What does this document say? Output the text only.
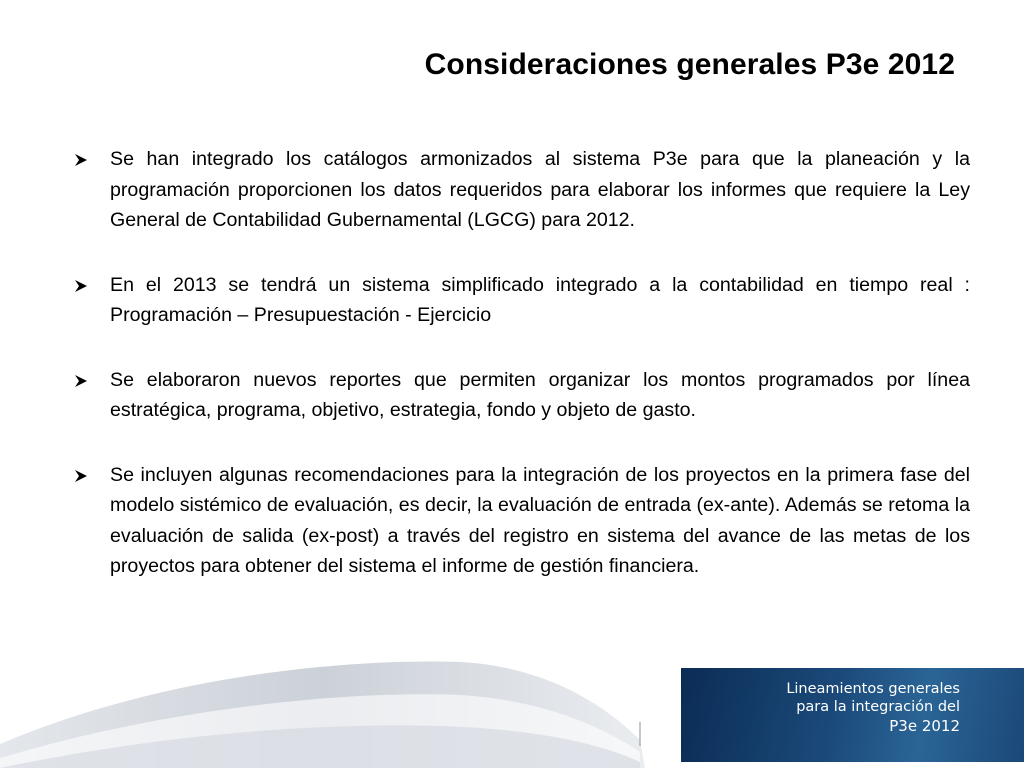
Consideraciones generales P3e 2012
Se han integrado los catálogos armonizados al sistema P3e para que la planeación y la programación proporcionen los datos requeridos para elaborar los informes que requiere la Ley General de Contabilidad Gubernamental (LGCG) para 2012.
En el 2013 se tendrá un sistema simplificado integrado a la contabilidad en tiempo real : Programación – Presupuestación - Ejercicio
Se elaboraron nuevos reportes que permiten organizar los montos programados por línea estratégica, programa, objetivo, estrategia, fondo y objeto de gasto.
Se incluyen algunas recomendaciones para la integración de los proyectos en la primera fase del modelo sistémico de evaluación, es decir, la evaluación de entrada (ex-ante). Además se retoma la evaluación de salida (ex-post) a través del registro en sistema del avance de las metas de los proyectos para obtener del sistema el informe de gestión financiera.
Lineamientos generales
para la integración del
P3e 2012
